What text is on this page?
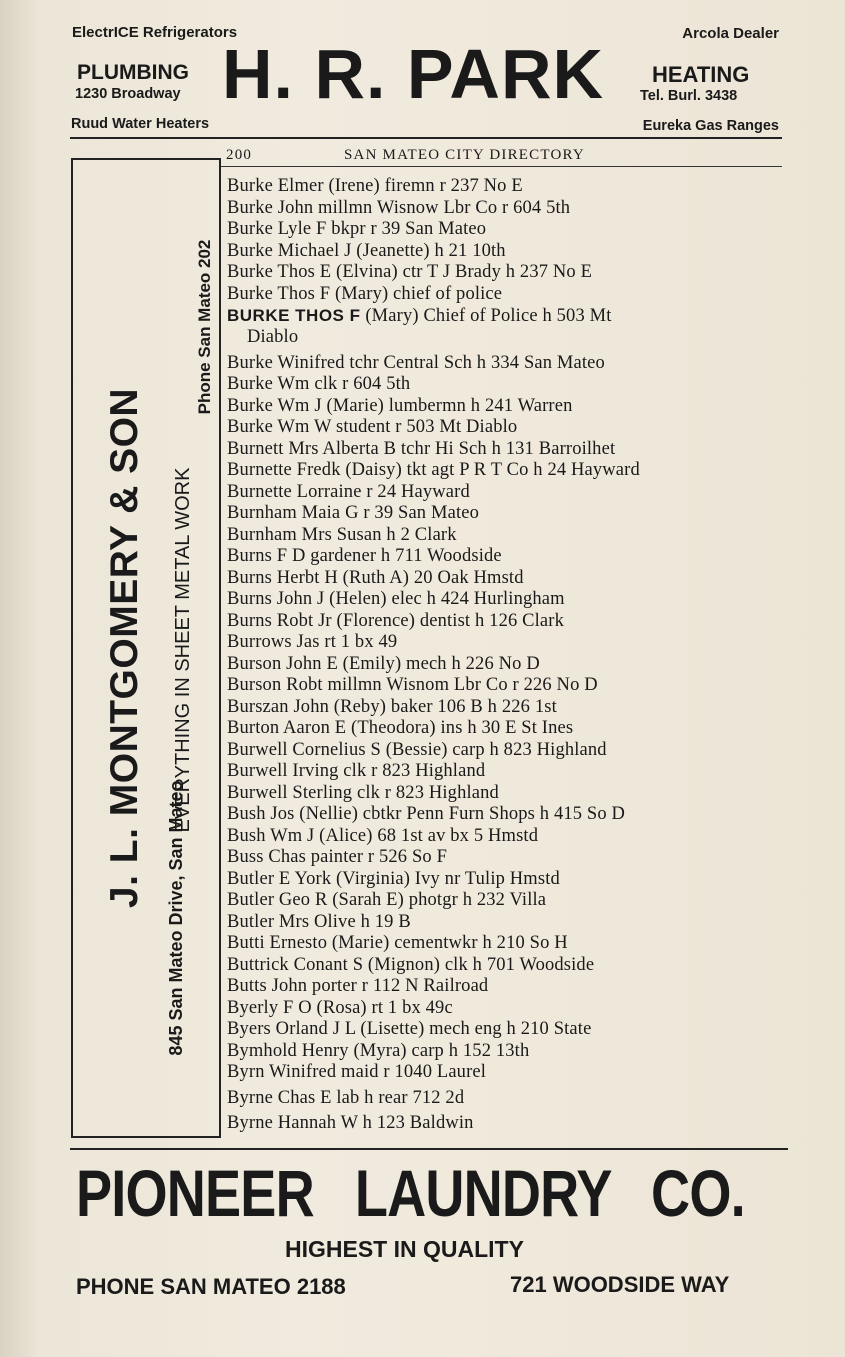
ElectrICE Refrigerators	Arcola Dealer
PLUMBING
1230 Broadway H. R. PARK HEATING
Tel. Burl. 3438
Ruud Water Heaters	Eureka Gas Ranges
200	SAN MATEO CITY DIRECTORY
J. L. MONTGOMERY & SON
845 San Mateo Drive, San Mateo
EVERYTHING IN SHEET METAL WORK
Phone San Mateo 202
Burke Elmer (Irene) firemn r 237 No E
Burke John millmn Wisnow Lbr Co r 604 5th
Burke Lyle F bkpr r 39 San Mateo
Burke Michael J (Jeanette) h 21 10th
Burke Thos E (Elvina) ctr T J Brady h 237 No E
Burke Thos F (Mary) chief of police
BURKE THOS F (Mary) Chief of Police h 503 Mt
Diablo
Burke Winifred tchr Central Sch h 334 San Mateo
Burke Wm clk r 604 5th
Burke Wm J (Marie) lumbermn h 241 Warren
Burke Wm W student r 503 Mt Diablo
Burnett Mrs Alberta B tchr Hi Sch h 131 Barroilhet
Burnette Fredk (Daisy) tkt agt P R T Co h 24 Hayward
Burnette Lorraine r 24 Hayward
Burnham Maia G r 39 San Mateo
Burnham Mrs Susan h 2 Clark
Burns F D gardener h 711 Woodside
Burns Herbt H (Ruth A) 20 Oak Hmstd
Burns John J (Helen) elec h 424 Hurlingham
Burns Robt Jr (Florence) dentist h 126 Clark
Burrows Jas rt 1 bx 49
Burson John E (Emily) mech h 226 No D
Burson Robt millmn Wisnom Lbr Co r 226 No D
Burszan John (Reby) baker 106 B h 226 1st
Burton Aaron E (Theodora) ins h 30 E St Ines
Burwell Cornelius S (Bessie) carp h 823 Highland
Burwell Irving clk r 823 Highland
Burwell Sterling clk r 823 Highland
Bush Jos (Nellie) cbtkr Penn Furn Shops h 415 So D
Bush Wm J (Alice) 68 1st av bx 5 Hmstd
Buss Chas painter r 526 So F
Butler E York (Virginia) Ivy nr Tulip Hmstd
Butler Geo R (Sarah E) photgr h 232 Villa
Butler Mrs Olive h 19 B
Butti Ernesto (Marie) cementwkr h 210 So H
Buttrick Conant S (Mignon) clk h 701 Woodside
Butts John porter r 112 N Railroad
Byerly F O (Rosa) rt 1 bx 49c
Byers Orland J L (Lisette) mech eng h 210 State
Bymhold Henry (Myra) carp h 152 13th
Byrn Winifred maid r 1040 Laurel
Byrne Chas E lab h rear 712 2d
Byrne Hannah W h 123 Baldwin
PIONEER LAUNDRY CO.
HIGHEST IN QUALITY
PHONE SAN MATEO 2188	721 WOODSIDE WAY
